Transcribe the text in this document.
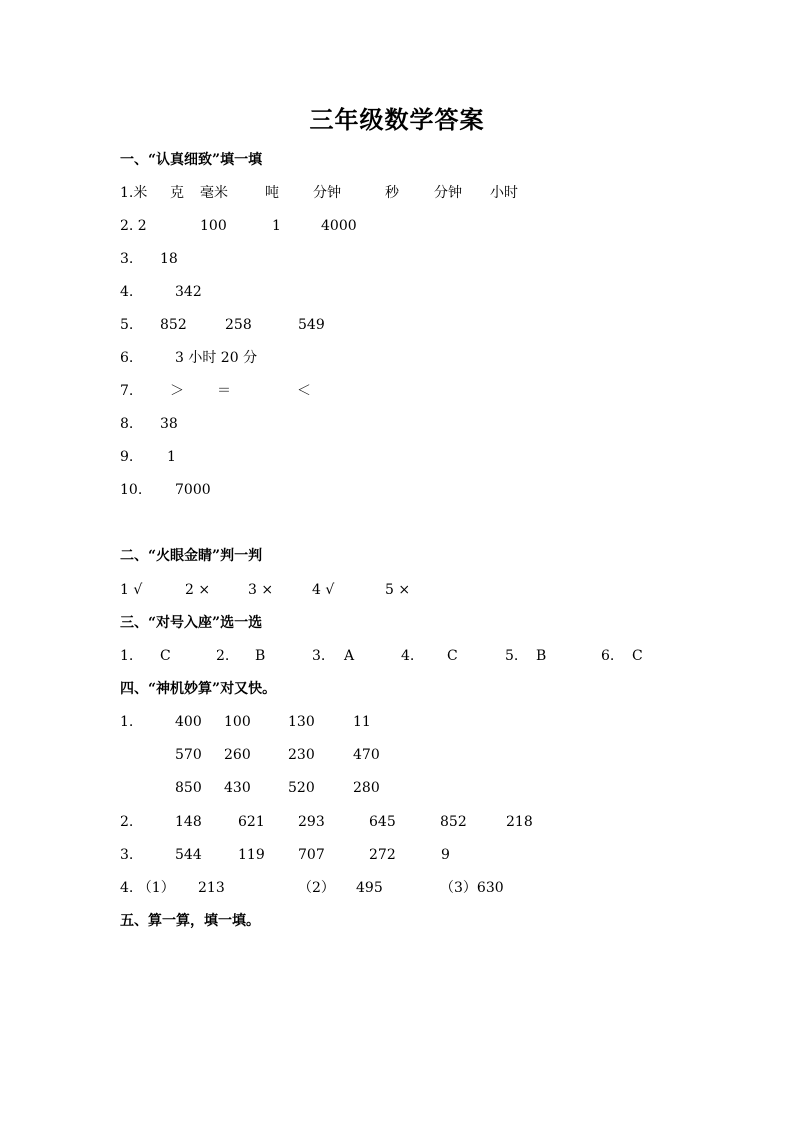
三年级数学答案
一、“认真细致”填一填
1.米 克 毫米	吨 分钟	秒	分钟 小时
2. 2	100	1	4000
3. 18
4.	342
5. 852	258	549
6.	3 小时 20 分
7.	＞ ＝	＜
8. 38
9. 1
10. 7000
二、“火眼金睛”判一判
1 √	2 ×	3 ×	4 √	5 ×
三、“对号入座”选一选
1. C	2. B	3. A	4. C	5. B	6. C
四、“神机妙算”对又快。
1.	400 100	130	11
570 260	230	470
850 430	520	280
2.	148	621 293	645	852	218
3.	544	119 707	272	9
4. （1） 213	（2） 495	（3）630
五、算一算，填一填。
